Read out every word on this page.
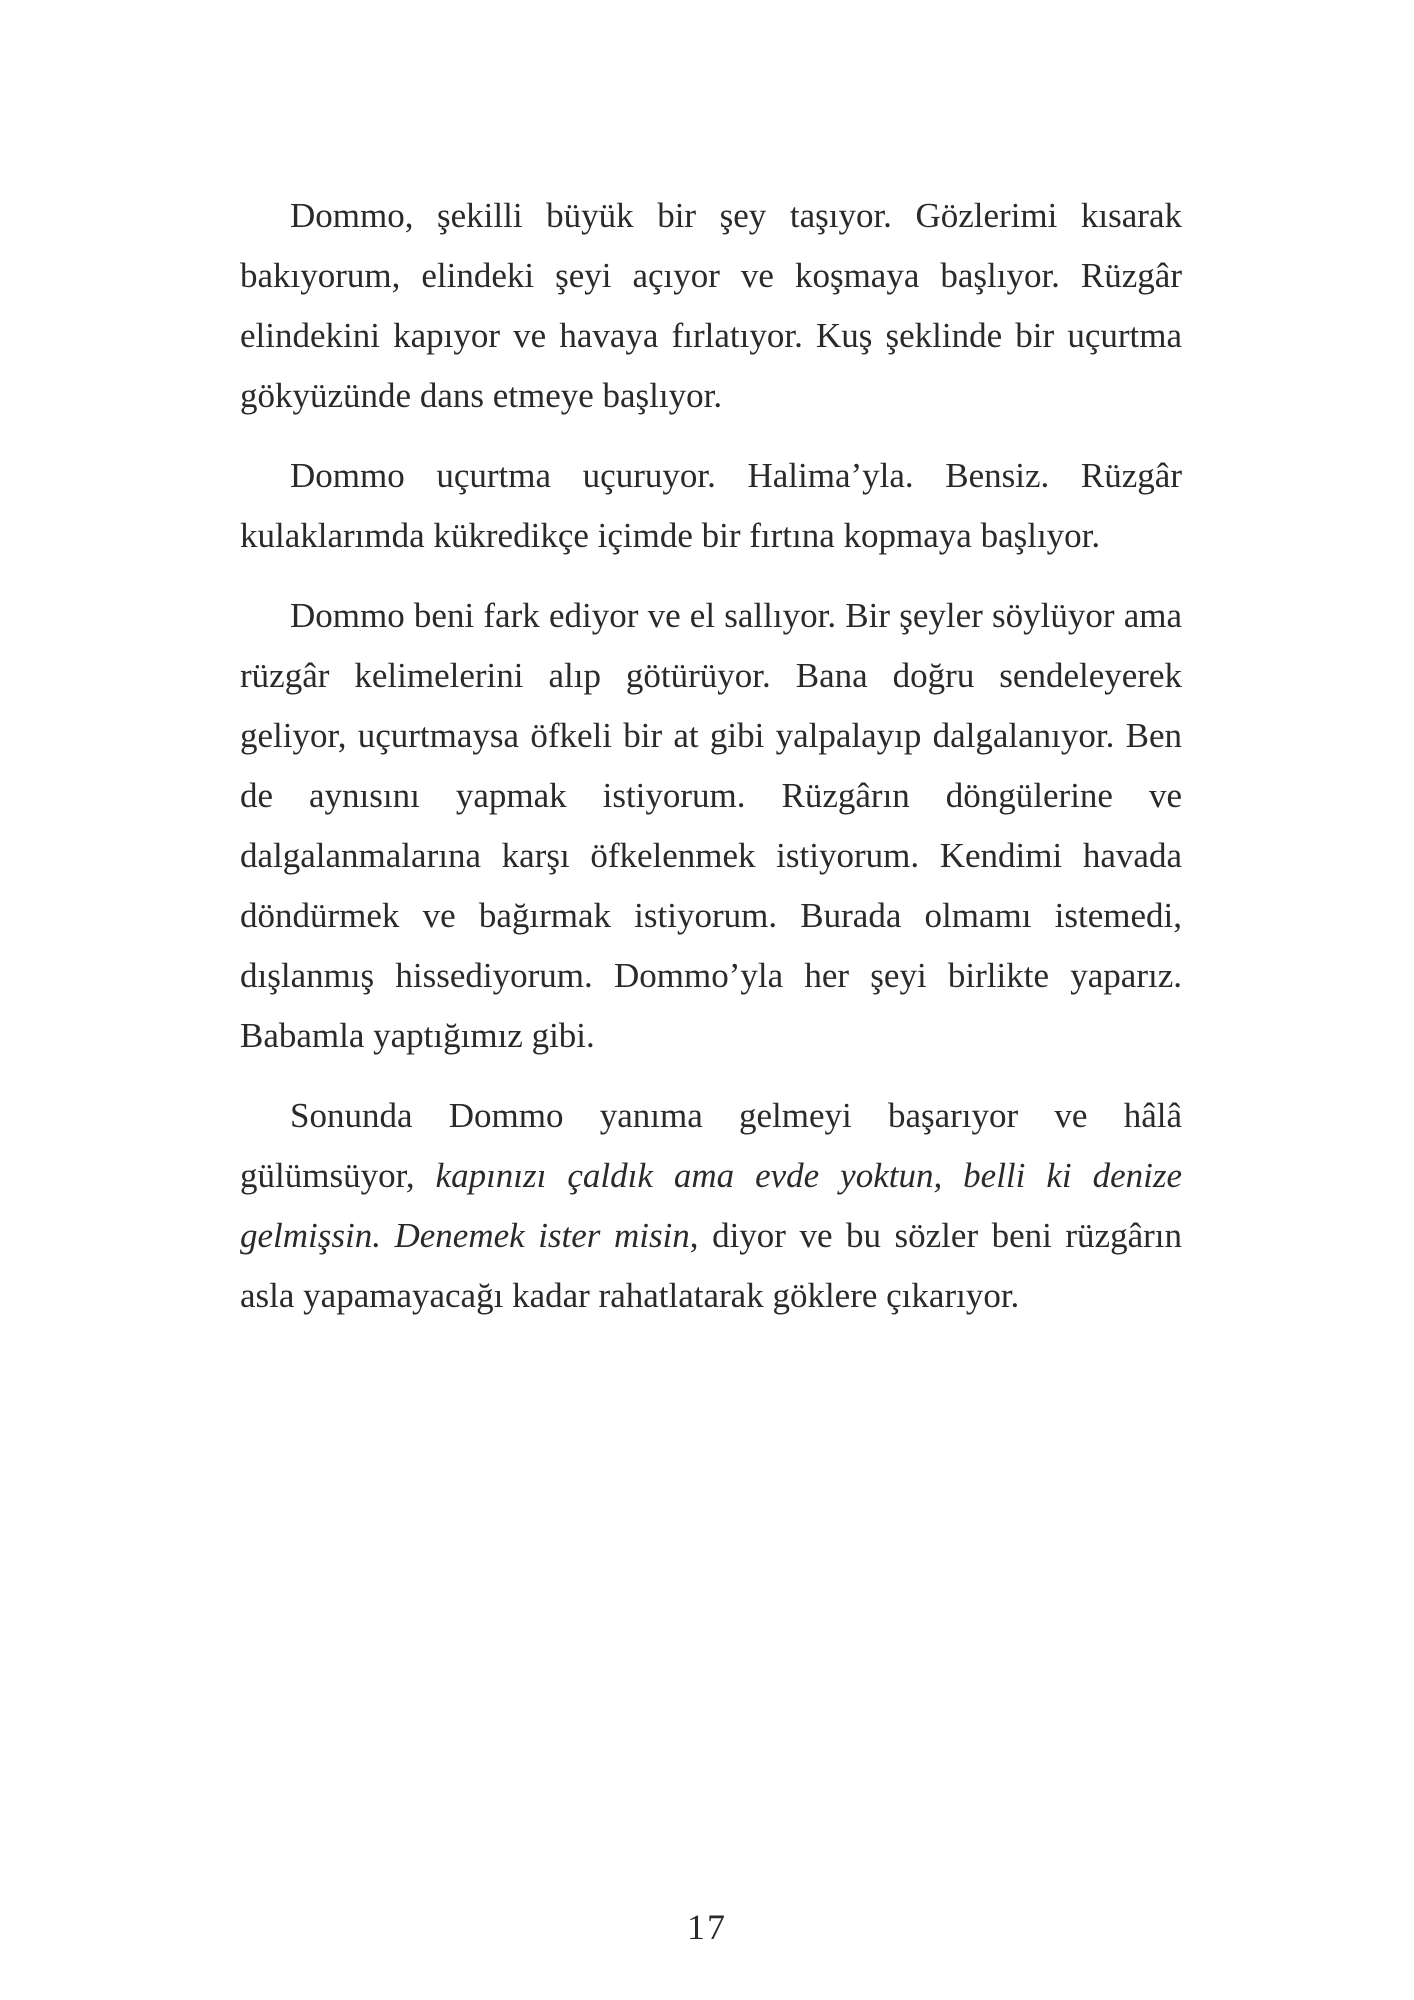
Dommo, şekilli büyük bir şey taşıyor. Gözlerimi kısarak bakıyorum, elindeki şeyi açıyor ve koşmaya başlıyor. Rüzgâr elindekini kapıyor ve havaya fırlatıyor. Kuş şeklinde bir uçurtma gökyüzünde dans etmeye başlıyor.

Dommo uçurtma uçuruyor. Halima’yla. Bensiz. Rüzgâr kulaklarımda kükredikçe içimde bir fırtına kopmaya başlıyor.

Dommo beni fark ediyor ve el sallıyor. Bir şeyler söylüyor ama rüzgâr kelimelerini alıp götürüyor. Bana doğru sendeleyerek geliyor, uçurtmaysa öfkeli bir at gibi yalpalayıp dalgalanıyor. Ben de aynısını yapmak istiyorum. Rüzgârın döngülerine ve dalgalanmalarına karşı öfkelenmek istiyorum. Kendimi havada döndürmek ve bağırmak istiyorum. Burada olmamı istemedi, dışlanmış hissediyorum. Dommo’yla her şeyi birlikte yaparız. Babamla yaptığımız gibi.

Sonunda Dommo yanıma gelmeyi başarıyor ve hâlâ gülümsüyor, kapınızı çaldık ama evde yoktun, belli ki denize gelmişsin. Denemek ister misin, diyor ve bu sözler beni rüzgârın asla yapamayacağı kadar rahatlatarak göklere çıkarıyor.

17
